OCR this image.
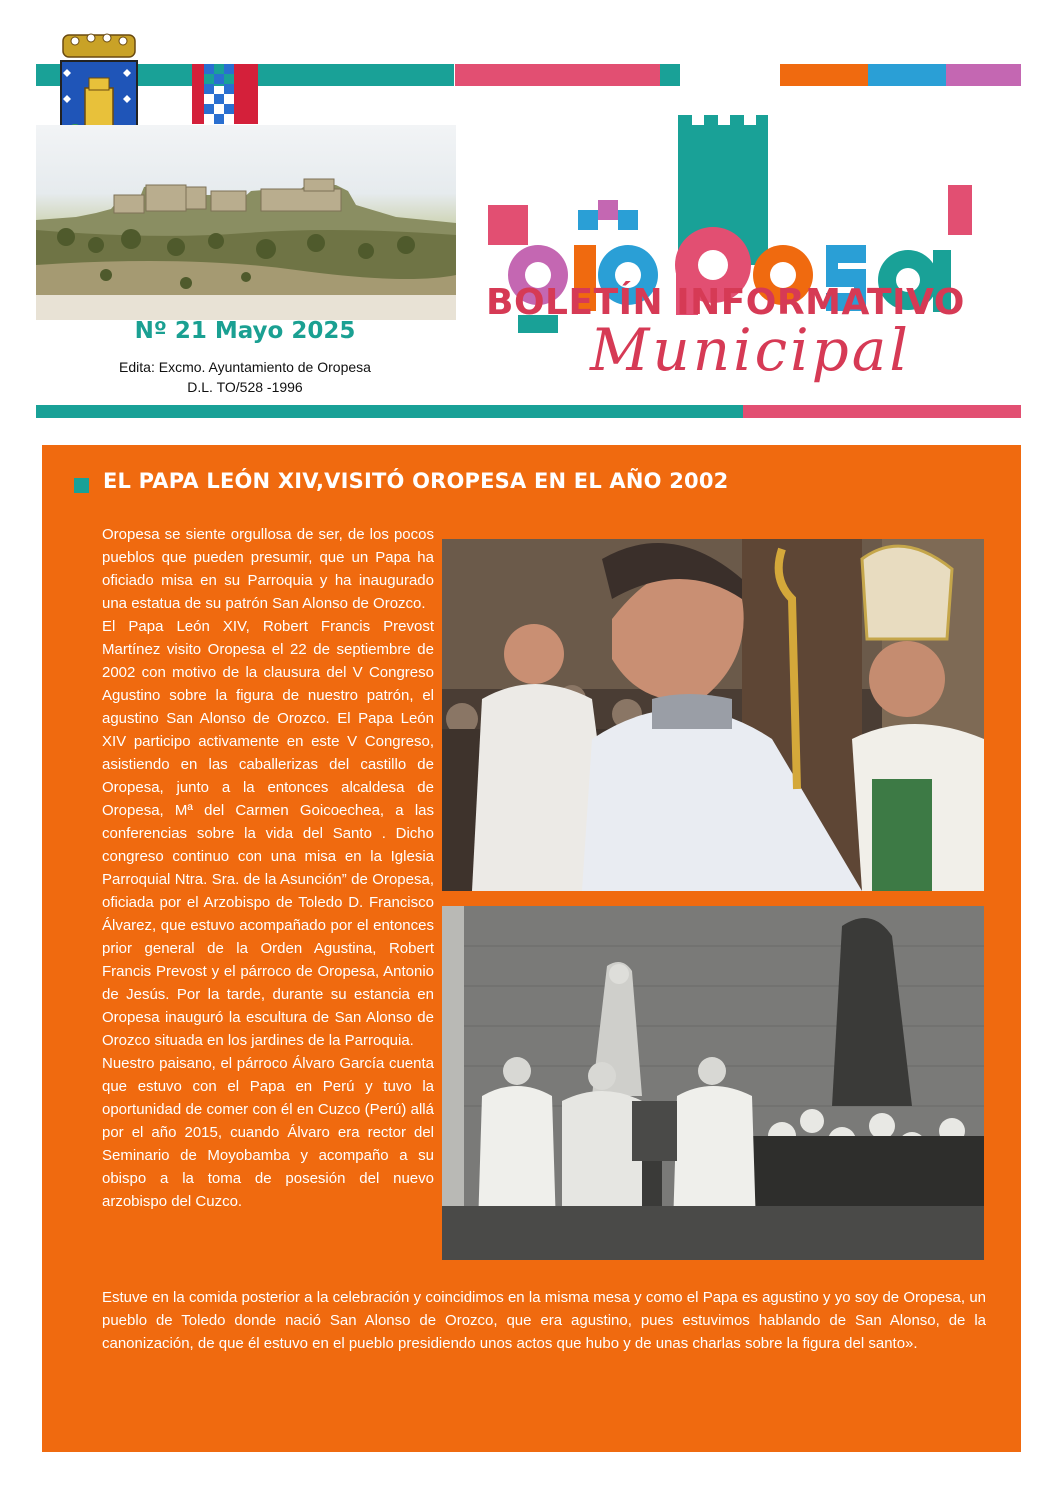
Nº 21 Mayo 2025
Edita: Excmo. Ayuntamiento de Oropesa
D.L. TO/528 -1996
BOLETÍN INFORMATIVO
Municipal
EL PAPA LEÓN XIV,VISITÓ OROPESA EN EL AÑO 2002

Oropesa se siente orgullosa de ser, de los pocos pueblos que pueden presumir, que un Papa ha oficiado misa en su Parroquia y ha inaugurado una estatua de su patrón San Alonso de Orozco.

El Papa León XIV, Robert Francis Prevost Martínez visito Oropesa el 22 de septiembre de 2002 con motivo de la clausura del V Congreso Agustino sobre la figura de nuestro patrón, el agustino San Alonso de Orozco. El Papa León XIV participo activamente en este V Congreso, asistiendo en las caballerizas del castillo de Oropesa, junto a la entonces alcaldesa de Oropesa, Mª del Carmen Goicoechea, a las conferencias sobre la vida del Santo . Dicho congreso continuo con una misa en la Iglesia Parroquial Ntra. Sra. de la Asunción” de Oropesa, oficiada por el Arzobispo de Toledo D. Francisco Álvarez, que estuvo acompañado por el entonces prior general de la Orden Agustina, Robert Francis Prevost y el párroco de Oropesa, Antonio de Jesús. Por la tarde, durante su estancia en Oropesa inauguró la escultura de San Alonso de Orozco situada en los jardines de la Parroquia.

Nuestro paisano, el párroco Álvaro García cuenta que estuvo con el Papa en Perú y tuvo la oportunidad de comer con él en Cuzco (Perú) allá por el año 2015, cuando Álvaro era rector del Seminario de Moyobamba y acompaño a su obispo a la toma de posesión del nuevo arzobispo del Cuzco.

Estuve en la comida posterior a la celebración y coincidimos en la misma mesa y como el Papa es agustino y yo soy de Oropesa, un pueblo de Toledo donde nació San Alonso de Orozco, que era agustino, pues estuvimos hablando de San Alonso, de la canonización, de que él estuvo en el pueblo presidiendo unos actos que hubo y de unas charlas sobre la figura del santo».
